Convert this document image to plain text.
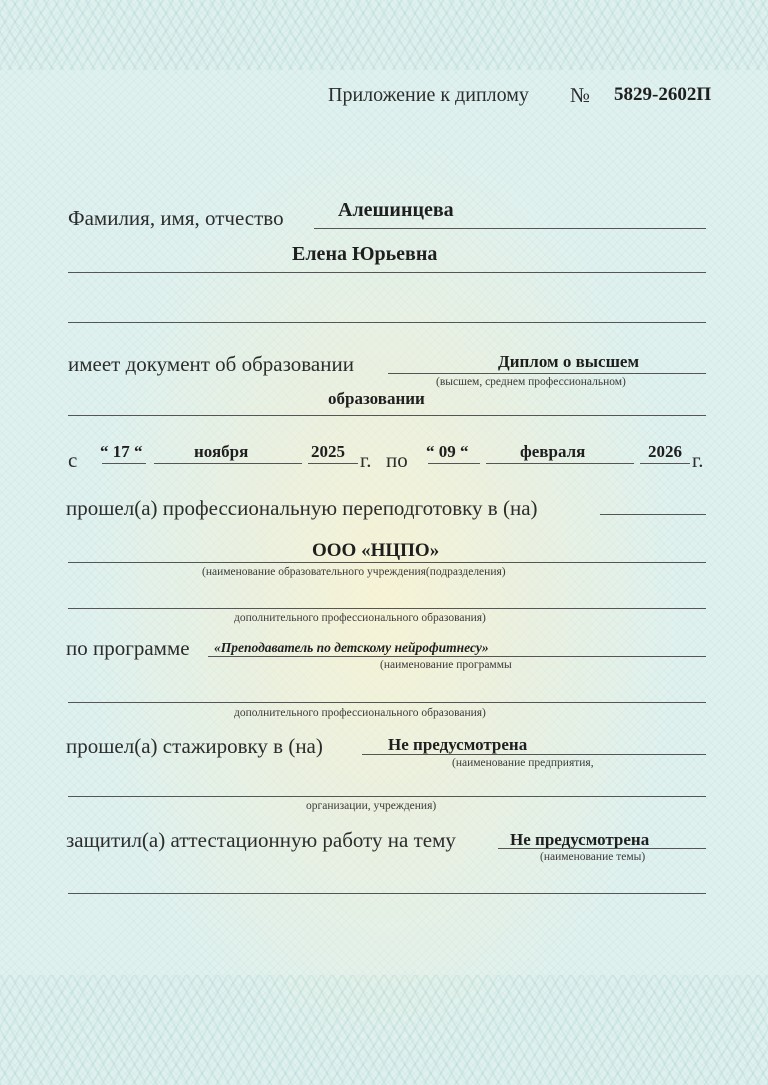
Приложение к диплому № 5829-2602П
Фамилия, имя, отчество	Алешинцева
Елена Юрьевна
имеет документ об образовании	Диплом о высшем
(высшем, среднем профессиональном)
образовании
с “ 17 “	ноября	2025 г. по “ 09 “	февраля	2026 г.
прошел(а) профессиональную переподготовку в (на)
ООО «НЦПО»
(наименование образовательного учреждения(подразделения)
дополнительного профессионального образования)
по программе «Преподаватель по детскому нейрофитнесу»
(наименование программы
дополнительного профессионального образования)
прошел(а) стажировку в (на)	Не предусмотрена
(наименование предприятия,
организации, учреждения)
защитил(а) аттестационную работу на тему	Не предусмотрена
(наименование темы)
